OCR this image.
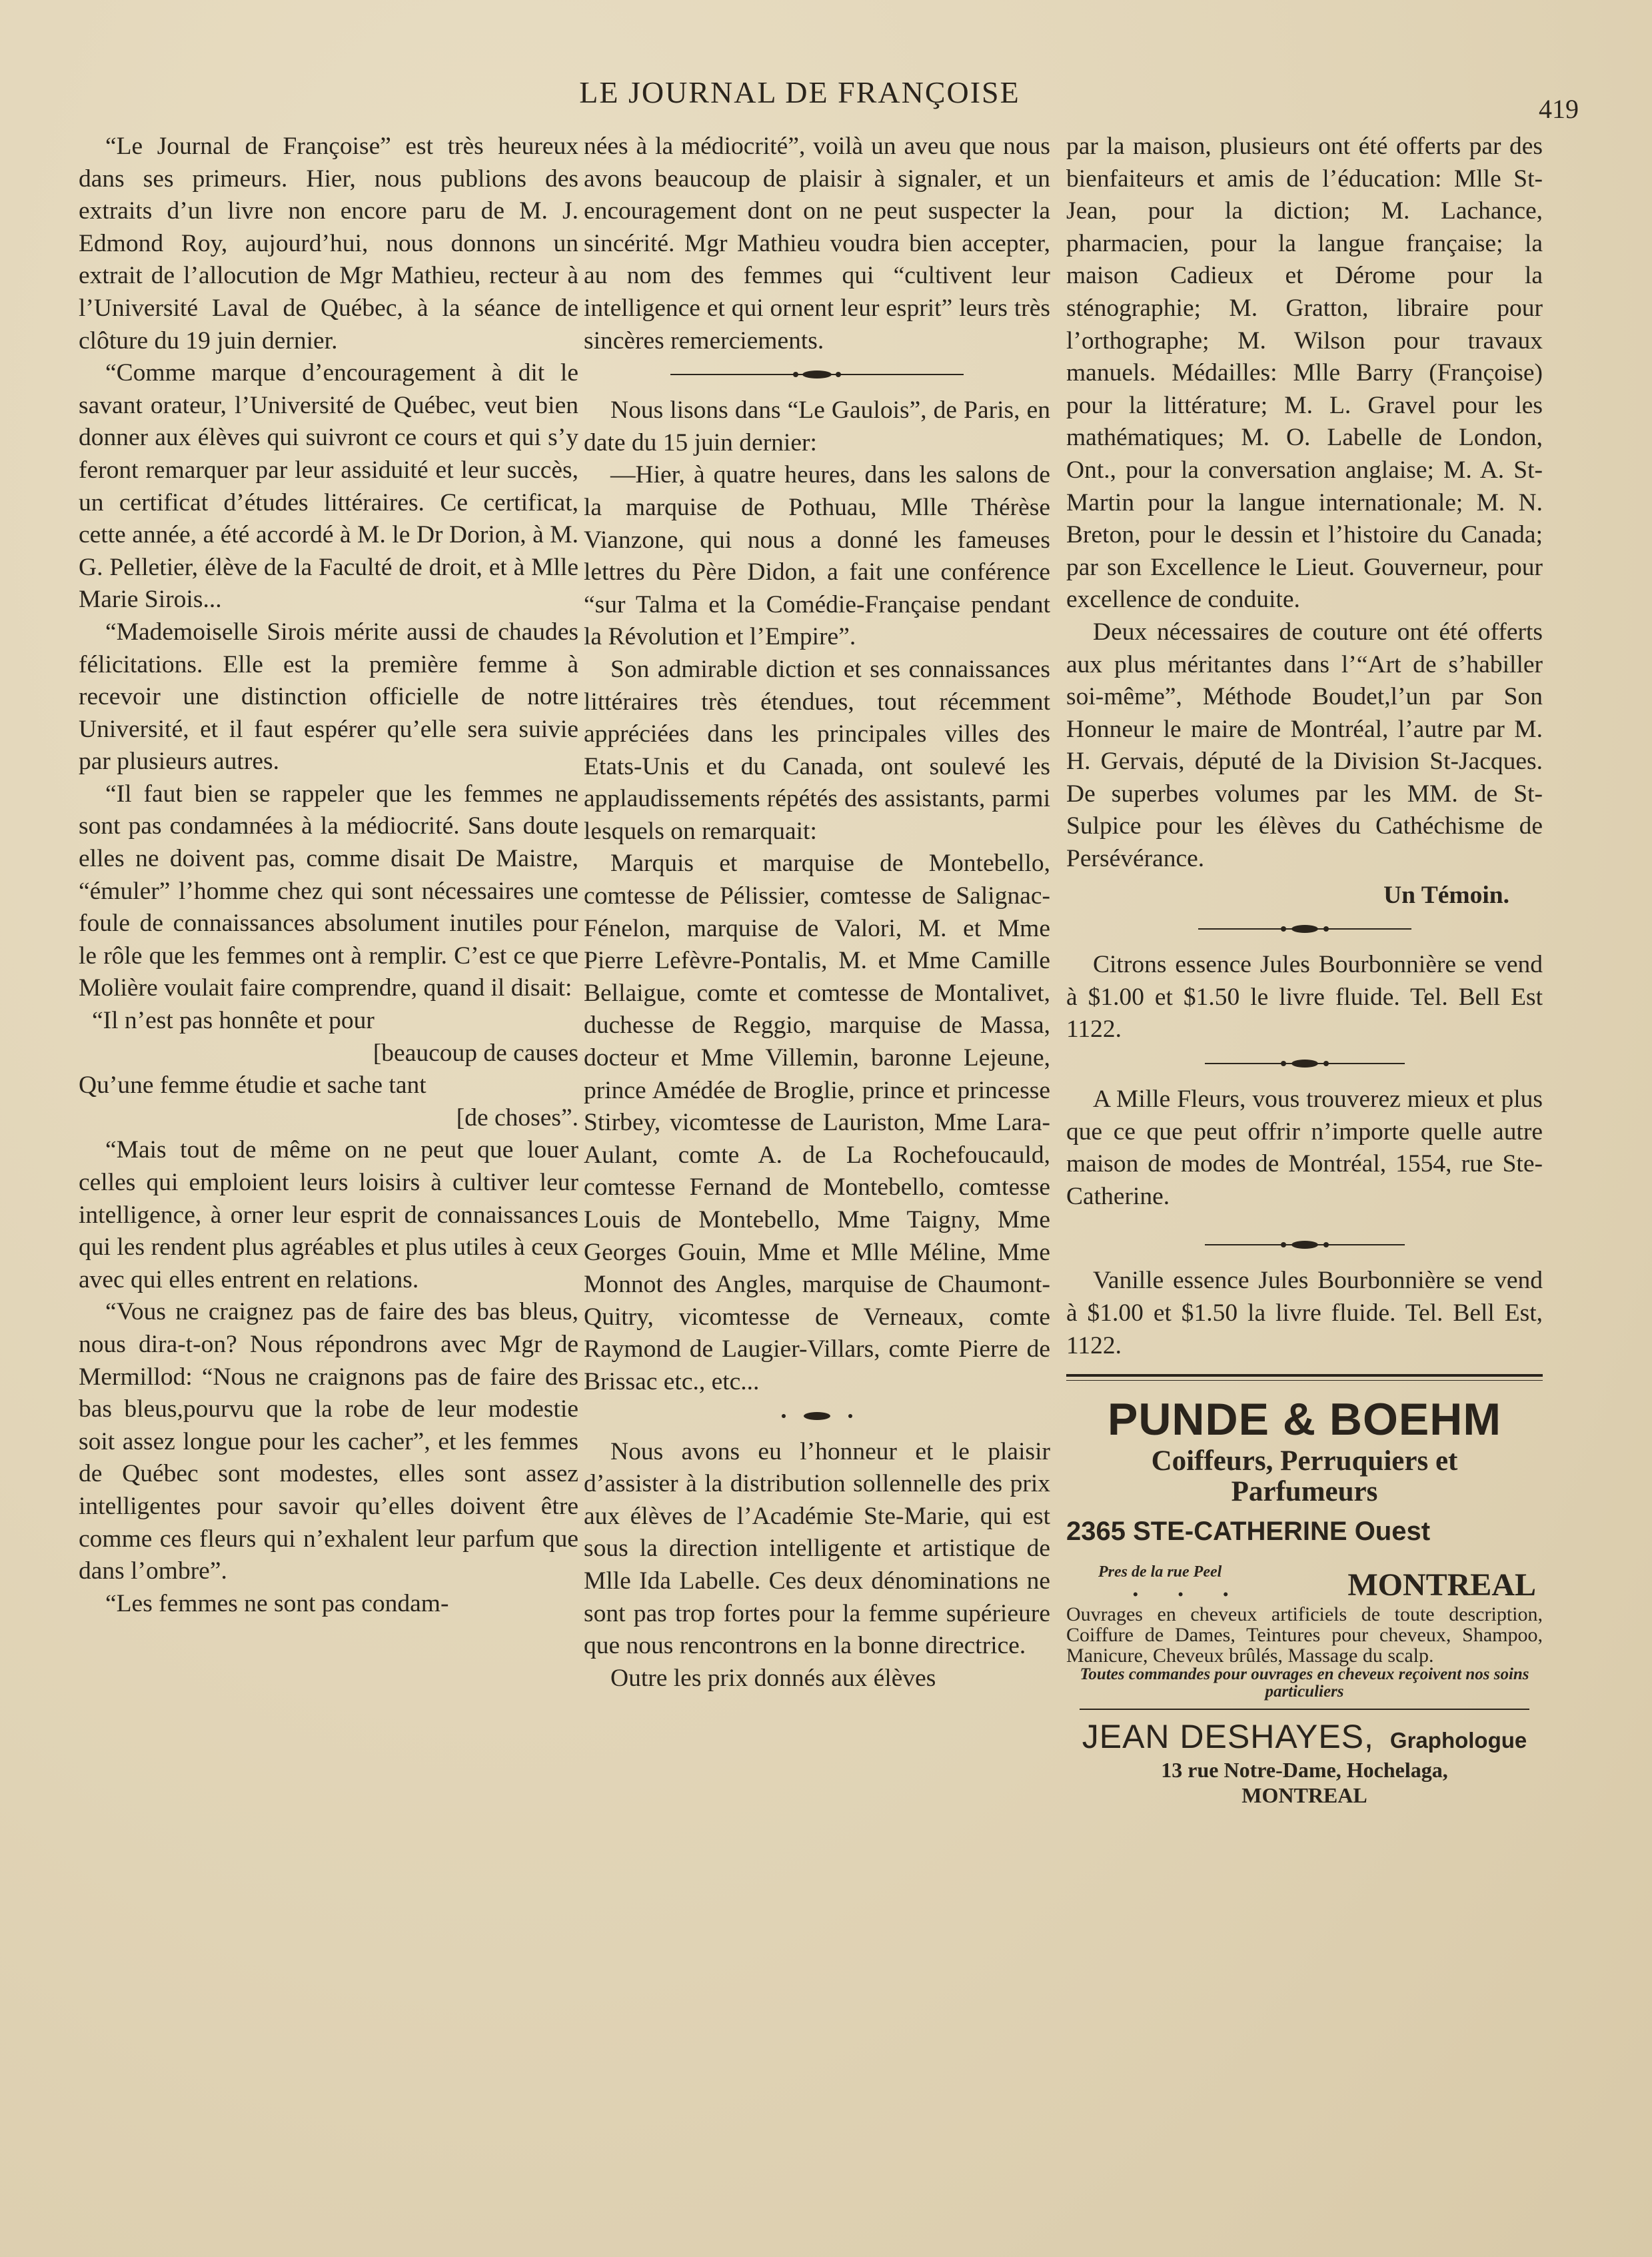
LE JOURNAL DE FRANÇOISE	419

“Le Journal de Françoise” est très heureux dans ses primeurs. Hier, nous publions des extraits d’un livre non encore paru de M. J. Edmond Roy, aujourd’hui, nous donnons un extrait de l’allocution de Mgr Mathieu, recteur à l’Université Laval de Québec, à la séance de clôture du 19 juin dernier.

“Comme marque d’encouragement à dit le savant orateur, l’Université de Québec, veut bien donner aux élèves qui suivront ce cours et qui s’y feront remarquer par leur assiduité et leur succès, un certificat d’études littéraires. Ce certificat, cette année, a été accordé à M. le Dr Dorion, à M. G. Pelletier, élève de la Faculté de droit, et à Mlle Marie Sirois...

“Mademoiselle Sirois mérite aussi de chaudes félicitations. Elle est la première femme à recevoir une distinction officielle de notre Université, et il faut espérer qu’elle sera suivie par plusieurs autres.

“Il faut bien se rappeler que les femmes ne sont pas condamnées à la médiocrité. Sans doute elles ne doivent pas, comme disait De Maistre, “émuler” l’homme chez qui sont nécessaires une foule de connaissances absolument inutiles pour le rôle que les femmes ont à remplir. C’est ce que Molière voulait faire comprendre, quand il disait:

“Il n’est pas honnête et pour
[beaucoup de causes
Qu’une femme étudie et sache tant
[de choses”.

“Mais tout de même on ne peut que louer celles qui emploient leurs loisirs à cultiver leur intelligence, à orner leur esprit de connaissances qui les rendent plus agréables et plus utiles à ceux avec qui elles entrent en relations.

“Vous ne craignez pas de faire des bas bleus, nous dira-t-on? Nous répondrons avec Mgr de Mermillod: “Nous ne craignons pas de faire des bas bleus,pourvu que la robe de leur modestie soit assez longue pour les cacher”, et les femmes de Québec sont modestes, elles sont assez intelligentes pour savoir qu’elles doivent être comme ces fleurs qui n’exhalent leur parfum que dans l’ombre”.

“Les femmes ne sont pas condam-

nées à la médiocrité”, voilà un aveu que nous avons beaucoup de plaisir à signaler, et un encouragement dont on ne peut suspecter la sincérité. Mgr Mathieu voudra bien accepter, au nom des femmes qui “cultivent leur intelligence et qui ornent leur esprit” leurs très sincères remerciements.

Nous lisons dans “Le Gaulois”, de Paris, en date du 15 juin dernier:

—Hier, à quatre heures, dans les salons de la marquise de Pothuau, Mlle Thérèse Vianzone, qui nous a donné les fameuses lettres du Père Didon, a fait une conférence “sur Talma et la Comédie-Française pendant la Révolution et l’Empire”.

Son admirable diction et ses connaissances littéraires très étendues, tout récemment appréciées dans les principales villes des Etats-Unis et du Canada, ont soulevé les applaudissements répétés des assistants, parmi lesquels on remarquait:

Marquis et marquise de Montebello, comtesse de Pélissier, comtesse de Salignac-Fénelon, marquise de Valori, M. et Mme Pierre Lefèvre-Pontalis, M. et Mme Camille Bellaigue, comte et comtesse de Montalivet, duchesse de Reggio, marquise de Massa, docteur et Mme Villemin, baronne Lejeune, prince Amédée de Broglie, prince et princesse Stirbey, vicomtesse de Lauriston, Mme Lara-Aulant, comte A. de La Rochefoucauld, comtesse Fernand de Montebello, comtesse Louis de Montebello, Mme Taigny, Mme Georges Gouin, Mme et Mlle Méline, Mme Monnot des Angles, marquise de Chaumont-Quitry, vicomtesse de Verneaux, comte Raymond de Laugier-Villars, comte Pierre de Brissac etc., etc...

Nous avons eu l’honneur et le plaisir d’assister à la distribution sollennelle des prix aux élèves de l’Académie Ste-Marie, qui est sous la direction intelligente et artistique de Mlle Ida Labelle. Ces deux dénominations ne sont pas trop fortes pour la femme supérieure que nous rencontrons en la bonne directrice.

Outre les prix donnés aux élèves

par la maison, plusieurs ont été offerts par des bienfaiteurs et amis de l’éducation: Mlle St-Jean, pour la diction; M. Lachance, pharmacien, pour la langue française; la maison Cadieux et Dérome pour la sténographie; M. Gratton, libraire pour l’orthographe; M. Wilson pour travaux manuels. Médailles: Mlle Barry (Françoise) pour la littérature; M. L. Gravel pour les mathématiques; M. O. Labelle de London, Ont., pour la conversation anglaise; M. A. St-Martin pour la langue internationale; M. N. Breton, pour le dessin et l’histoire du Canada; par son Excellence le Lieut. Gouverneur, pour excellence de conduite.

Deux nécessaires de couture ont été offerts aux plus méritantes dans l’“Art de s’habiller soi-même”, Méthode Boudet,l’un par Son Honneur le maire de Montréal, l’autre par M. H. Gervais, député de la Division St-Jacques. De superbes volumes par les MM. de St-Sulpice pour les élèves du Cathéchisme de Persévérance.

Un Témoin.

Citrons essence Jules Bourbonnière se vend à $1.00 et $1.50 le livre fluide. Tel. Bell Est 1122.

A Mille Fleurs, vous trouverez mieux et plus que ce que peut offrir n’importe quelle autre maison de modes de Montréal, 1554, rue Ste-Catherine.

Vanille essence Jules Bourbonnière se vend à $1.00 et $1.50 la livre fluide. Tel. Bell Est, 1122.

PUNDE & BOEHM
Coiffeurs, Perruquiers et
Parfumeurs
2365 STE-CATHERINE Ouest
Pres de la rue Peel
••• MONTREAL
Ouvrages en cheveux artificiels de toute description, Coiffure de Dames, Teintures pour cheveux, Shampoo, Manicure, Cheveux brûlés, Massage du scalp.
Toutes commandes pour ouvrages en cheveux reçoivent nos soins particuliers
JEAN DESHAYES, Graphologue
13 rue Notre-Dame, Hochelaga,
MONTREAL
